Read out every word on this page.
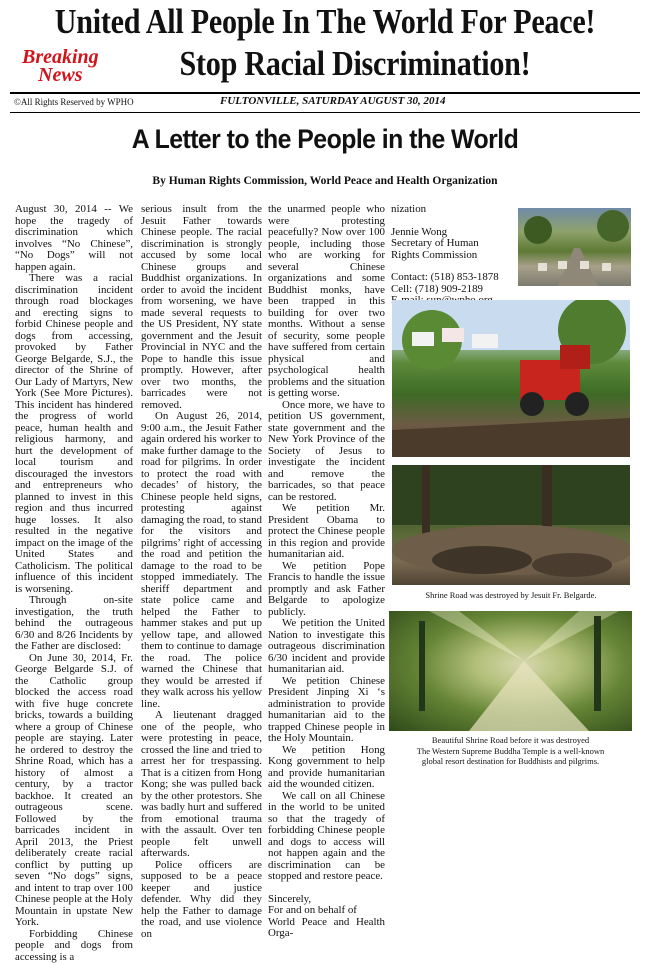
United All People In The World For Peace!
Breaking
News	Stop Racial Discrimination!
©All Rights Reserved by WPHO	FULTONVILLE, SATURDAY AUGUST 30, 2014
A Letter to the People in the World
By Human Rights Commission, World Peace and Health Organization

August 30, 2014 -- We hope the tragedy of discrimination which involves “No Chinese”, “No Dogs” will not happen again.

There was a racial discrimination incident through road blockages and erecting signs to forbid Chinese people and dogs from accessing, provoked by Father George Belgarde, S.J., the director of the Shrine of Our Lady of Martyrs, New York (See More Pictures). This incident has hindered the progress of world peace, human health and religious harmony, and hurt the development of local tourism and discouraged the investors and entrepreneurs who planned to invest in this region and thus incurred huge losses. It also resulted in the negative impact on the image of the United States and Catholicism. The political influence of this incident is worsening.

Through on-site investigation, the truth behind the outrageous 6/30 and 8/26 Incidents by the Father are disclosed:

On June 30, 2014, Fr. George Belgarde S.J. of the Catholic group blocked the access road with five huge concrete bricks, towards a building where a group of Chinese people are staying. Later he ordered to destroy the Shrine Road, which has a history of almost a century, by a tractor backhoe. It created an outrageous scene. Followed by the barricades incident in April 2013, the Priest deliberately create racial conflict by putting up seven “No dogs” signs, and intent to trap over 100 Chinese people at the Holy Mountain in upstate New York.

Forbidding Chinese people and dogs from accessing is a

serious insult from the Jesuit Father towards Chinese people. The racial discrimination is strongly accused by some local Chinese groups and Buddhist organizations. In order to avoid the incident from worsening, we have made several requests to the US President, NY state government and the Jesuit Provincial in NYC and the Pope to handle this issue promptly. However, after over two months, the barricades were not removed.

On August 26, 2014, 9:00 a.m., the Jesuit Father again ordered his worker to make further damage to the road for pilgrims. In order to protect the road with decades’ of history, the Chinese people held signs, protesting against damaging the road, to stand for the visitors and pilgrims’ right of accessing the road and petition the damage to the road to be stopped immediately. The sheriff department and state police came and helped the Father to hammer stakes and put up yellow tape, and allowed them to continue to damage the road. The police warned the Chinese that they would be arrested if they walk across his yellow line.

A lieutenant dragged one of the people, who were protesting in peace, crossed the line and tried to arrest her for trespassing. That is a citizen from Hong Kong; she was pulled back by the other protestors. She was badly hurt and suffered from emotional trauma with the assault. Over ten people felt unwell afterwards.

Police officers are supposed to be a peace keeper and justice defender. Why did they help the Father to damage the road, and use violence on

the unarmed people who were protesting peacefully? Now over 100 people, including those who are working for several Chinese organizations and some Buddhist monks, have been trapped in this building for over two months. Without a sense of security, some people have suffered from certain physical and psychological health problems and the situation is getting worse.

Once more, we have to petition US government, state government and the New York Province of the Society of Jesus to investigate the incident and remove the barricades, so that peace can be restored.

We petition Mr. President Obama to protect the Chinese people in this region and provide humanitarian aid.

We petition Pope Francis to handle the issue promptly and ask Father Belgarde to apologize publicly.

We petition the United Nation to investigate this outrageous discrimination 6/30 incident and provide humanitarian aid.

We petition Chinese President Jinping Xi ‘s administration to provide humanitarian aid to the trapped Chinese people in the Holy Mountain.

We petition Hong Kong government to help and provide humanitarian aid the wounded citizen.

We call on all Chinese in the world to be united so that the tragedy of forbidding Chinese people and dogs to access will not happen again and the discrimination can be stopped and restore peace.

Sincerely,

For and on behalf of

World Peace and Health Orga-

nization

Jennie Wong

Secretary of Human Rights Commission

Contact: (518) 853-1878

Cell: (718) 909-2189

Shrine Road was destroyed by Jesuit Fr. Belgarde.
Beautiful Shrine Road before it was destroyed
The Western Supreme Buddha Temple is a well-known
global resort destination for Buddhists and pilgrims.
